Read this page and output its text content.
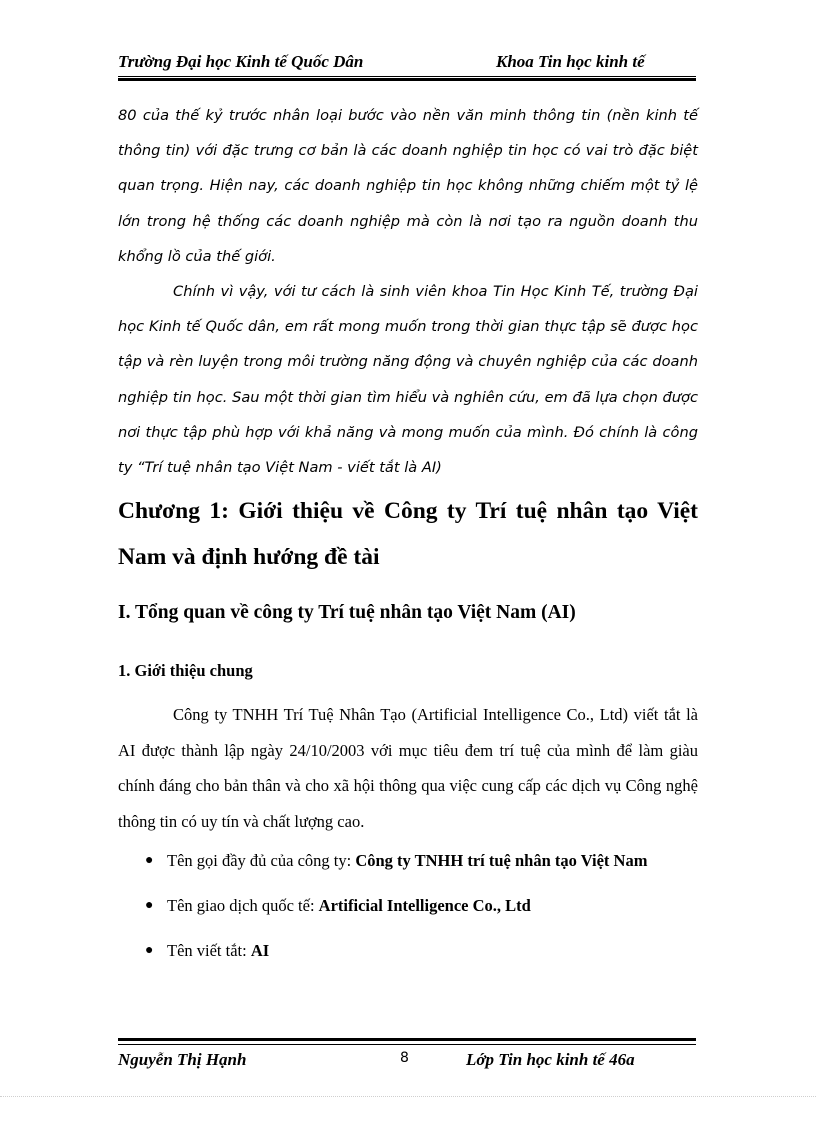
Trường Đại học Kinh tế Quốc Dân	Khoa Tin học kinh tế

80 của thế kỷ trước nhân loại bước vào nền văn minh thông tin (nền kinh tế thông tin) với đặc trưng cơ bản là các doanh nghiệp tin học có vai trò đặc biệt quan trọng. Hiện nay, các doanh nghiệp tin học không những chiếm một tỷ lệ lớn trong hệ thống các doanh nghiệp mà còn là nơi tạo ra nguồn doanh thu khổng lồ của thế giới.

Chính vì vậy, với tư cách là sinh viên khoa Tin Học Kinh Tế, trường Đại học Kinh tế Quốc dân, em rất mong muốn trong thời gian thực tập sẽ được học tập và rèn luyện trong môi trường năng động và chuyên nghiệp của các doanh nghiệp tin học. Sau một thời gian tìm hiểu và nghiên cứu, em đã lựa chọn được nơi thực tập phù hợp với khả năng và mong muốn của mình. Đó chính là công ty “Trí tuệ nhân tạo Việt Nam - viết tắt là AI)

Chương 1: Giới thiệu về Công ty Trí tuệ nhân tạo Việt Nam và định hướng đề tài
I. Tổng quan về công ty Trí tuệ nhân tạo Việt Nam (AI)
1. Giới thiệu chung

Công ty TNHH Trí Tuệ Nhân Tạo (Artificial Intelligence Co., Ltd) viết tắt là AI được thành lập ngày 24/10/2003 với mục tiêu đem trí tuệ của mình để làm giàu chính đáng cho bản thân và cho xã hội thông qua việc cung cấp các dịch vụ Công nghệ thông tin có uy tín và chất lượng cao.

● Tên gọi đầy đủ của công ty: Công ty TNHH trí tuệ nhân tạo Việt Nam
● Tên giao dịch quốc tế: Artificial Intelligence Co., Ltd
● Tên viết tắt: AI
Nguyễn Thị Hạnh	8	Lớp Tin học kinh tế 46a
